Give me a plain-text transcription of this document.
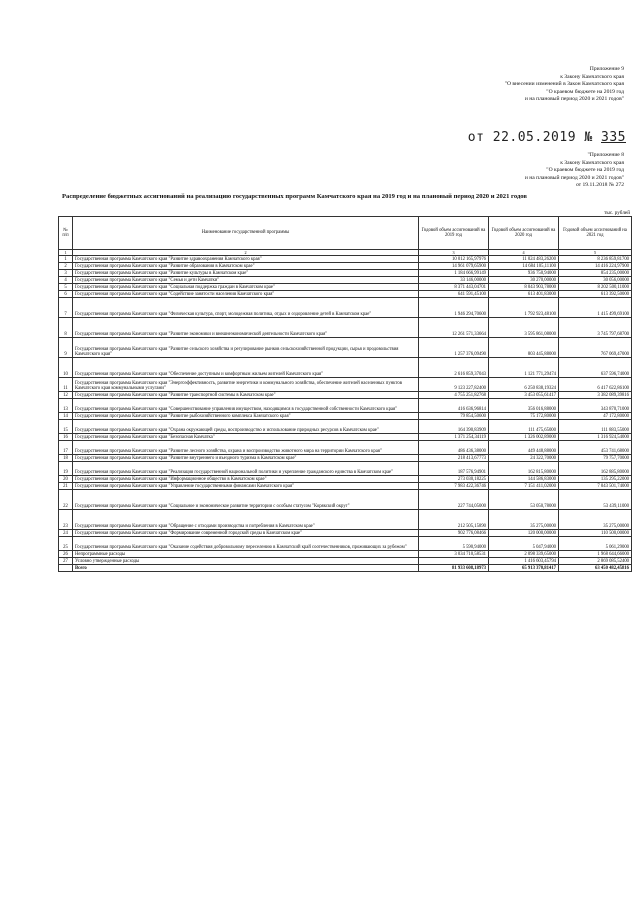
Приложение 9
к Закону Камчатского края
"О внесении изменений в Закон Камчатского края
"О краевом бюджете на 2019 год
и на плановый период 2020 и 2021 годов"
от 22.05.2019 № 335
"Приложение 8
к Закону Камчатского края
"О краевом бюджете на 2019 год
и на плановый период 2020 и 2021 годов"
от 19.11.2018 № 272
Распределение бюджетных ассигнований на реализацию государственных программ Камчатского края на 2019 год и на плановый период 2020 и 2021 годов
тыс. рублей
№ п/п	Наименование государственной программы	Годовой объем ассигнований на 2019 год	Годовой объем ассигнований на 2020 год	Годовой объем ассигнований на 2021 год
1	2	3	4	5
1	Государственная программа Камчатского края "Развитие здравоохранения Камчатского края"	10 012 165,97976	11 024 483,26200	8 236 859,81700
2	Государственная программа Камчатского края "Развитие образования в Камчатском крае"	14 961 079,65900	14 684 105,11100	14 416 224,97900
3	Государственная программа Камчатского края "Развитие культуры в Камчатском крае"	1 184 666,99149	936 750,94000	854 235,00000
4	Государственная программа Камчатского края "Семья и дети Камчатки"	33 146,00000	30 270,00000	30 056,00000
5	Государственная программа Камчатского края "Социальная поддержка граждан в Камчатском крае"	8 371 443,04701	8 043 903,78000	8 202 500,11000
6	Государственная программа Камчатского края "Содействие занятости населения Камчатского края"	641 591,45100	613 401,83000	613 392,50000
7	Государственная программа Камчатского края "Физическая культура, спорт, молодежная политика, отдых и оздоровление детей в Камчатском крае"	1 946 294,70600	1 792 923,48100	1 415 499,69100
8	Государственная программа Камчатского края "Развитие экономики и внешнеэкономической деятельности Камчатского края"	12 261 571,33664	3 595 861,08000	3 745 797,68700
9	Государственная программа Камчатского края "Развитие сельского хозяйства и регулирование рынков сельскохозяйственной продукции, сырья и продовольствия Камчатского края"	1 257 376,09490	803 445,88000	767 069,47000
10	Государственная программа Камчатского края "Обеспечение доступным и комфортным жильем жителей Камчатского края"	2 616 859,37043	1 121 771,29474	637 596,74000
11	Государственная программа Камчатского края "Энергоэффективность, развитие энергетики и коммунального хозяйства, обеспечение жителей населенных пунктов Камчатского края коммунальными услугами"	9 123 227,82400	6 250 838,19324	6 417 622,86100
12	Государственная программа Камчатского края "Развитие транспортной системы в Камчатском крае"	4 755 251,82768	3 453 055,61417	3 382 089,39816
13	Государственная программа Камчатского края "Совершенствование управления имуществом, находящимся в государственной собственности Камчатского края"	416 636,96814	356 016,88000	343 870,71000
14	Государственная программа Камчатского края "Развитие рыбохозяйственного комплекса Камчатского края"	79 854,50600	75 172,80000	47 172,80000
15	Государственная программа Камчатского края "Охрана окружающей среды, воспроизводство и использование природных ресурсов в Камчатском крае"	164 390,83909	111 475,65000	111 883,55000
16	Государственная программа Камчатского края "Безопасная Камчатка"	1 371 254,34119	1 326 002,89000	1 316 924,54000
17	Государственная программа Камчатского края "Развитие лесного хозяйства, охрана и воспроизводство животного мира на территории Камчатского края"	486 436,38000	449 448,88000	453 741,68000
18	Государственная программа Камчатского края "Развитие внутреннего и въездного туризма в Камчатском крае"	218 413,67773	24 322,70000	79 757,70000
19	Государственная программа Камчатского края "Реализация государственной национальной политики и укрепление гражданского единства в Камчатском крае"	187 576,94901	162 815,80000	162 885,80000
20	Государственная программа Камчатского края "Информационное общество в Камчатском крае"	273 030,18225	144 586,83000	135 295,22000
21	Государственная программа Камчатского края "Управление государственными финансами Камчатского края"	7 983 422,36746	7 151 411,02000	7 043 501,74000
22	Государственная программа Камчатского края "Социальное и экономическое развитие территории с особым статусом "Корякский округ"	227 744,05000	53 050,78000	53 439,11000
23	Государственная программа Камчатского края "Обращение с отходами производства и потребления в Камчатском крае"	212 505,15890	35 275,00000	35 275,00000
24	Государственная программа Камчатского края "Формирование современной городской среды в Камчатском крае"	902 776,08466	120 000,00000	110 500,00000
25	Государственная программа Камчатского края "Оказание содействия добровольному переселению в Камчатский край соотечественников, проживающих за рубежом"	5 590,94000	5 047,94000	5 061,29000
26	Непрограммные расходы	3 034 710,58531	2 098 339,65000	1 968 644,66000
27	Условно утвержденные расходы		1 416 603,45794	2 869 085,52400
	Всего	81 933 608,18973	65 913 370,81417	63 450 482,45816
